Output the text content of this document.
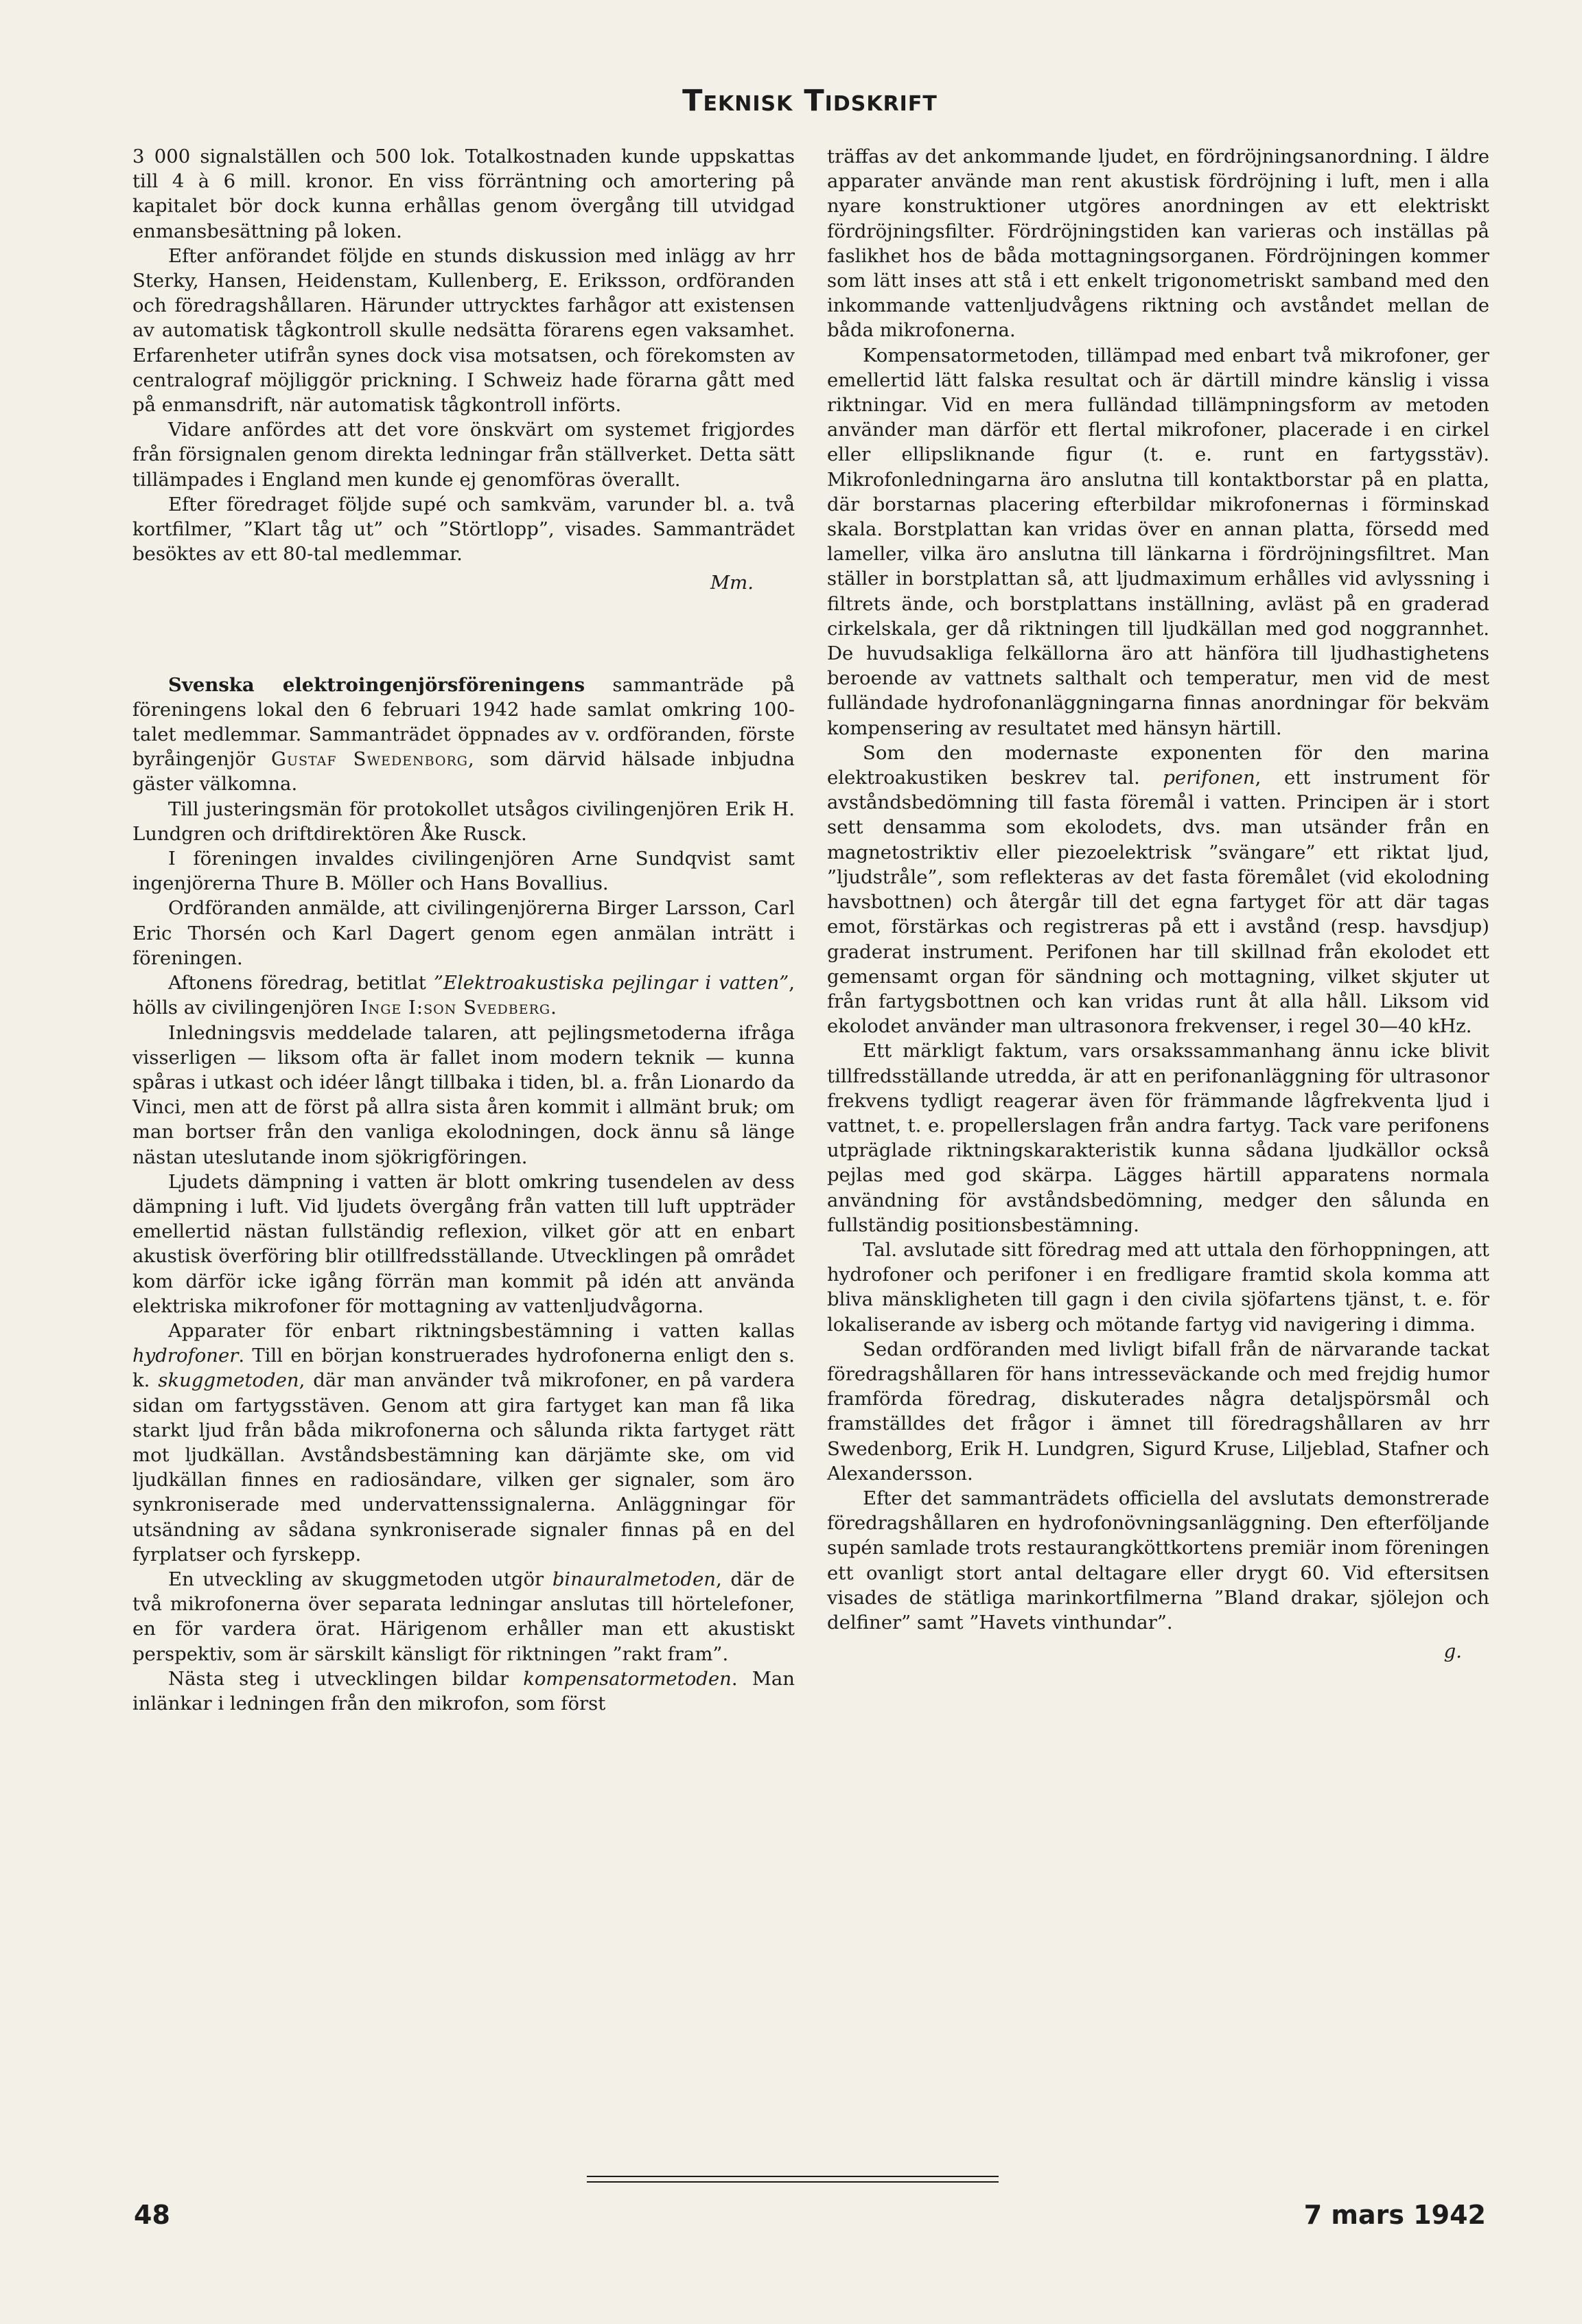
Teknisk Tidskrift

3 000 signalställen och 500 lok. Totalkostnaden kunde uppskattas till 4 à 6 mill. kronor. En viss förräntning och amortering på kapitalet bör dock kunna erhållas genom övergång till utvidgad enmansbesättning på loken.

Efter anförandet följde en stunds diskussion med inlägg av hrr Sterky, Hansen, Heidenstam, Kullenberg, E. Eriksson, ordföranden och föredragshållaren. Härunder uttrycktes farhågor att existensen av automatisk tågkontroll skulle nedsätta förarens egen vaksamhet. Erfarenheter utifrån synes dock visa motsatsen, och förekomsten av centralograf möjliggör prickning. I Schweiz hade förarna gått med på enmansdrift, när automatisk tågkontroll införts.

Vidare anfördes att det vore önskvärt om systemet frigjordes från försignalen genom direkta ledningar från ställverket. Detta sätt tillämpades i England men kunde ej genomföras överallt.

Efter föredraget följde supé och samkväm, varunder bl. a. två kortfilmer, ”Klart tåg ut” och ”Störtlopp”, visades. Sammanträdet besöktes av ett 80-tal medlemmar.

Mm.

Svenska elektroingenjörsföreningens sammanträde på föreningens lokal den 6 februari 1942 hade samlat omkring 100-talet medlemmar. Sammanträdet öppnades av v. ordföranden, förste byråingenjör Gustaf Swedenborg, som därvid hälsade inbjudna gäster välkomna.

Till justeringsmän för protokollet utsågos civilingenjören Erik H. Lundgren och driftdirektören Åke Rusck.

I föreningen invaldes civilingenjören Arne Sundqvist samt ingenjörerna Thure B. Möller och Hans Bovallius.

Ordföranden anmälde, att civilingenjörerna Birger Larsson, Carl Eric Thorsén och Karl Dagert genom egen anmälan inträtt i föreningen.

Aftonens föredrag, betitlat ”Elektroakustiska pejlingar i vatten”, hölls av civilingenjören Inge I:son Svedberg.

Inledningsvis meddelade talaren, att pejlingsmetoderna ifråga visserligen — liksom ofta är fallet inom modern teknik — kunna spåras i utkast och idéer långt tillbaka i tiden, bl. a. från Lionardo da Vinci, men att de först på allra sista åren kommit i allmänt bruk; om man bortser från den vanliga ekolodningen, dock ännu så länge nästan uteslutande inom sjökrigföringen.

Ljudets dämpning i vatten är blott omkring tusendelen av dess dämpning i luft. Vid ljudets övergång från vatten till luft uppträder emellertid nästan fullständig reflexion, vilket gör att en enbart akustisk överföring blir otillfredsställande. Utvecklingen på området kom därför icke igång förrän man kommit på idén att använda elektriska mikrofoner för mottagning av vattenljudvågorna.

Apparater för enbart riktningsbestämning i vatten kallas hydrofoner. Till en början konstruerades hydrofonerna enligt den s. k. skuggmetoden, där man använder två mikrofoner, en på vardera sidan om fartygsstäven. Genom att gira fartyget kan man få lika starkt ljud från båda mikrofonerna och sålunda rikta fartyget rätt mot ljudkällan. Avståndsbestämning kan därjämte ske, om vid ljudkällan finnes en radiosändare, vilken ger signaler, som äro synkroniserade med undervattenssignalerna. Anläggningar för utsändning av sådana synkroniserade signaler finnas på en del fyrplatser och fyrskepp.

En utveckling av skuggmetoden utgör binauralmetoden, där de två mikrofonerna över separata ledningar anslutas till hörtelefoner, en för vardera örat. Härigenom erhåller man ett akustiskt perspektiv, som är särskilt känsligt för riktningen ”rakt fram”.

Nästa steg i utvecklingen bildar kompensatormetoden. Man inlänkar i ledningen från den mikrofon, som först

träffas av det ankommande ljudet, en fördröjningsanordning. I äldre apparater använde man rent akustisk fördröjning i luft, men i alla nyare konstruktioner utgöres anordningen av ett elektriskt fördröjningsfilter. Fördröjningstiden kan varieras och inställas på faslikhet hos de båda mottagningsorganen. Fördröjningen kommer som lätt inses att stå i ett enkelt trigonometriskt samband med den inkommande vattenljudvågens riktning och avståndet mellan de båda mikrofonerna.

Kompensatormetoden, tillämpad med enbart två mikrofoner, ger emellertid lätt falska resultat och är därtill mindre känslig i vissa riktningar. Vid en mera fulländad tillämpningsform av metoden använder man därför ett flertal mikrofoner, placerade i en cirkel eller ellipsliknande figur (t. e. runt en fartygsstäv). Mikrofonledningarna äro anslutna till kontaktborstar på en platta, där borstarnas placering efterbildar mikrofonernas i förminskad skala. Borstplattan kan vridas över en annan platta, försedd med lameller, vilka äro anslutna till länkarna i fördröjningsfiltret. Man ställer in borstplattan så, att ljudmaximum erhålles vid avlyssning i filtrets ände, och borstplattans inställning, avläst på en graderad cirkelskala, ger då riktningen till ljudkällan med god noggrannhet. De huvudsakliga felkällorna äro att hänföra till ljudhastighetens beroende av vattnets salthalt och temperatur, men vid de mest fulländade hydrofonanläggningarna finnas anordningar för bekväm kompensering av resultatet med hänsyn härtill.

Som den modernaste exponenten för den marina elektroakustiken beskrev tal. perifonen, ett instrument för avståndsbedömning till fasta föremål i vatten. Principen är i stort sett densamma som ekolodets, dvs. man utsänder från en magnetostriktiv eller piezoelektrisk ”svängare” ett riktat ljud, ”ljudstråle”, som reflekteras av det fasta föremålet (vid ekolodning havsbottnen) och återgår till det egna fartyget för att där tagas emot, förstärkas och registreras på ett i avstånd (resp. havsdjup) graderat instrument. Perifonen har till skillnad från ekolodet ett gemensamt organ för sändning och mottagning, vilket skjuter ut från fartygsbottnen och kan vridas runt åt alla håll. Liksom vid ekolodet använder man ultrasonora frekvenser, i regel 30—40 kHz.

Ett märkligt faktum, vars orsakssammanhang ännu icke blivit tillfredsställande utredda, är att en perifonanläggning för ultrasonor frekvens tydligt reagerar även för främmande lågfrekventa ljud i vattnet, t. e. propellerslagen från andra fartyg. Tack vare perifonens utpräglade riktningskarakteristik kunna sådana ljudkällor också pejlas med god skärpa. Lägges härtill apparatens normala användning för avståndsbedömning, medger den sålunda en fullständig positionsbestämning.

Tal. avslutade sitt föredrag med att uttala den förhoppningen, att hydrofoner och perifoner i en fredligare framtid skola komma att bliva mänskligheten till gagn i den civila sjöfartens tjänst, t. e. för lokaliserande av isberg och mötande fartyg vid navigering i dimma.

Sedan ordföranden med livligt bifall från de närvarande tackat föredragshållaren för hans intresseväckande och med frejdig humor framförda föredrag, diskuterades några detaljspörsmål och framställdes det frågor i ämnet till föredragshållaren av hrr Swedenborg, Erik H. Lundgren, Sigurd Kruse, Liljeblad, Stafner och Alexandersson.

Efter det sammanträdets officiella del avslutats demonstrerade föredragshållaren en hydrofonövningsanläggning. Den efterföljande supén samlade trots restaurangköttkortens premiär inom föreningen ett ovanligt stort antal deltagare eller drygt 60. Vid eftersitsen visades de stätliga marinkortfilmerna ”Bland drakar, sjölejon och delfiner” samt ”Havets vinthundar”.

g.
48	7 mars 1942
